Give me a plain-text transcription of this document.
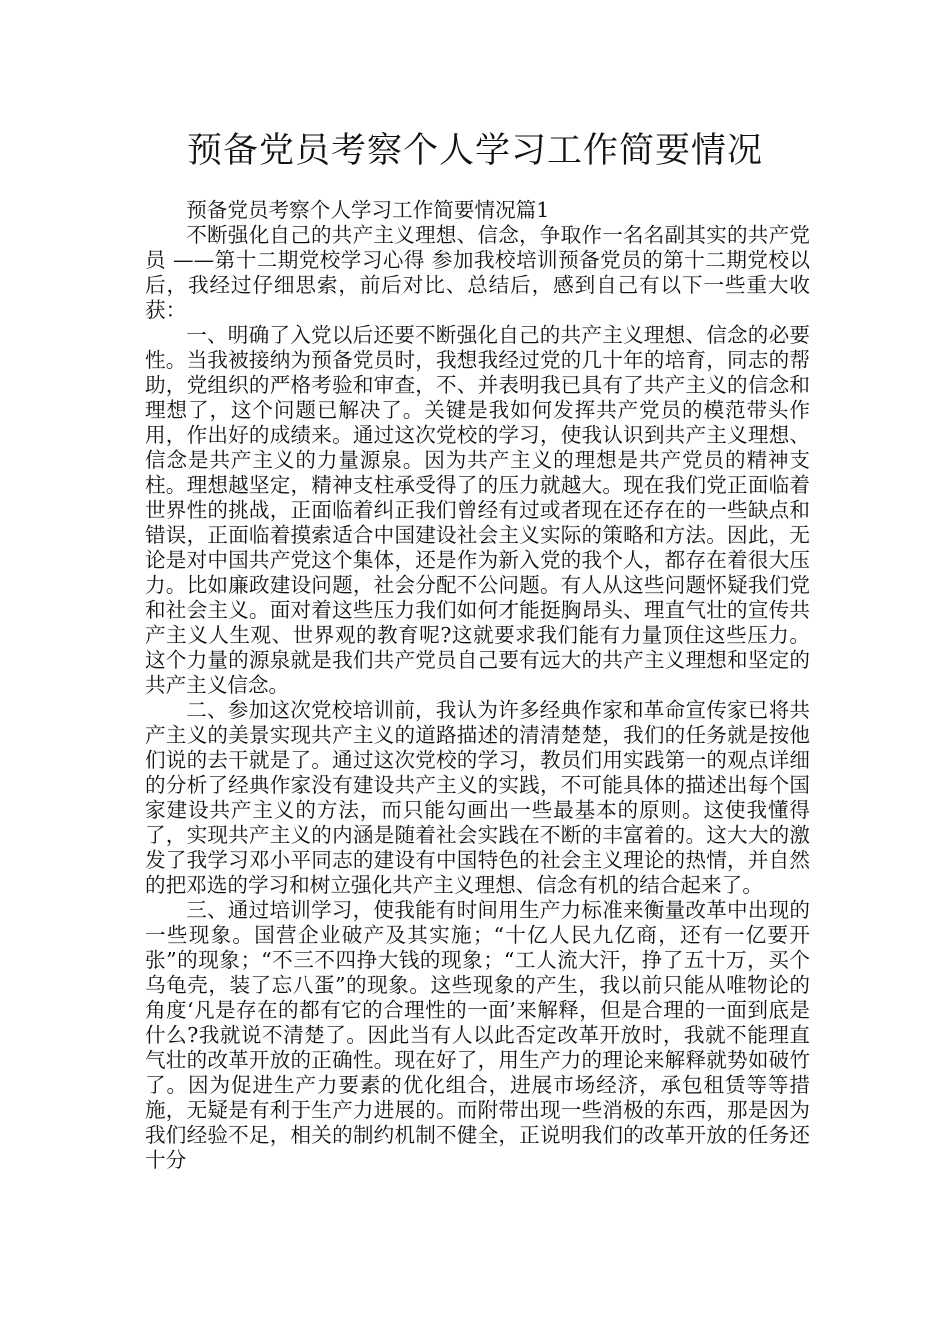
预备党员考察个人学习工作简要情况

预备党员考察个人学习工作简要情况篇1

不断强化自己的共产主义理想、信念，争取作一名名副其实的共产党员 ——第十二期党校学习心得 参加我校培训预备党员的第十二期党校以后，我经过仔细思索，前后对比、总结后，感到自己有以下一些重大收获：

一、明确了入党以后还要不断强化自己的共产主义理想、信念的必要性。当我被接纳为预备党员时，我想我经过党的几十年的培育，同志的帮助，党组织的严格考验和审查，不、并表明我已具有了共产主义的信念和理想了，这个问题已解决了。关键是我如何发挥共产党员的模范带头作用，作出好的成绩来。通过这次党校的学习，使我认识到共产主义理想、信念是共产主义的力量源泉。因为共产主义的理想是共产党员的精神支柱。理想越坚定，精神支柱承受得了的压力就越大。现在我们党正面临着世界性的挑战，正面临着纠正我们曾经有过或者现在还存在的一些缺点和错误，正面临着摸索适合中国建设社会主义实际的策略和方法。因此，无论是对中国共产党这个集体，还是作为新入党的我个人，都存在着很大压力。比如廉政建设问题，社会分配不公问题。有人从这些问题怀疑我们党和社会主义。面对着这些压力我们如何才能挺胸昂头、理直气壮的宣传共产主义人生观、世界观的教育呢?这就要求我们能有力量顶住这些压力。这个力量的源泉就是我们共产党员自己要有远大的共产主义理想和坚定的共产主义信念。

二、参加这次党校培训前，我认为许多经典作家和革命宣传家已将共产主义的美景实现共产主义的道路描述的清清楚楚，我们的任务就是按他们说的去干就是了。通过这次党校的学习，教员们用实践第一的观点详细的分析了经典作家没有建设共产主义的实践，不可能具体的描述出每个国家建设共产主义的方法，而只能勾画出一些最基本的原则。这使我懂得了，实现共产主义的内涵是随着社会实践在不断的丰富着的。这大大的激发了我学习邓小平同志的建设有中国特色的社会主义理论的热情，并自然的把邓选的学习和树立强化共产主义理想、信念有机的结合起来了。

三、通过培训学习，使我能有时间用生产力标准来衡量改革中出现的一些现象。国营企业破产及其实施；“十亿人民九亿商，还有一亿要开张”的现象；“不三不四挣大钱的现象；“工人流大汗，挣了五十万，买个乌龟壳，装了忘八蛋”的现象。这些现象的产生，我以前只能从唯物论的角度‘凡是存在的都有它的合理性的一面’来解释，但是合理的一面到底是什么?我就说不清楚了。因此当有人以此否定改革开放时，我就不能理直气壮的改革开放的正确性。现在好了，用生产力的理论来解释就势如破竹了。因为促进生产力要素的优化组合，进展市场经济，承包租赁等等措施，无疑是有利于生产力进展的。而附带出现一些消极的东西，那是因为我们经验不足，相关的制约机制不健全，正说明我们的改革开放的任务还十分
